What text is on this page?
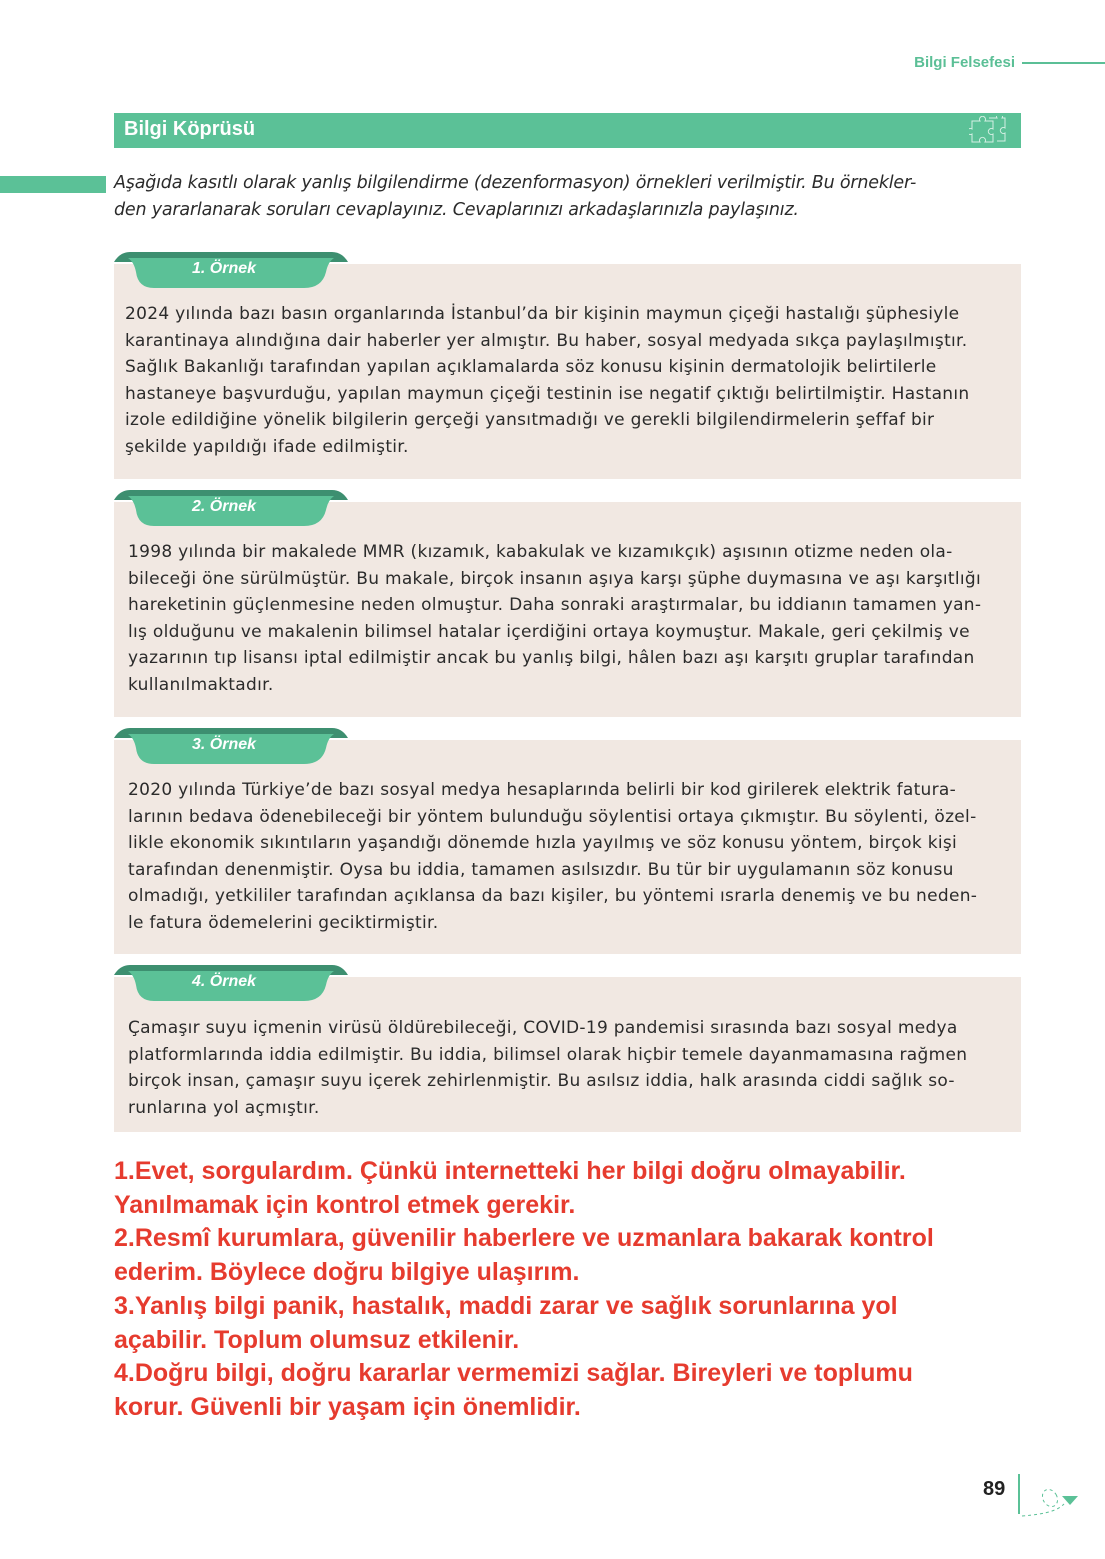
Bilgi Felsefesi
Bilgi Köprüsü
Aşağıda kasıtlı olarak yanlış bilgilendirme (dezenformasyon) örnekleri verilmiştir. Bu örnekler-
den yararlanarak soruları cevaplayınız. Cevaplarınızı arkadaşlarınızla paylaşınız.
1. Örnek
2024 yılında bazı basın organlarında İstanbul’da bir kişinin maymun çiçeği hastalığı şüphesiyle
karantinaya alındığına dair haberler yer almıştır. Bu haber, sosyal medyada sıkça paylaşılmıştır.
Sağlık Bakanlığı tarafından yapılan açıklamalarda söz konusu kişinin dermatolojik belirtilerle
hastaneye başvurduğu, yapılan maymun çiçeği testinin ise negatif çıktığı belirtilmiştir. Hastanın
izole edildiğine yönelik bilgilerin gerçeği yansıtmadığı ve gerekli bilgilendirmelerin şeffaf bir
şekilde yapıldığı ifade edilmiştir.
2. Örnek
1998 yılında bir makalede MMR (kızamık, kabakulak ve kızamıkçık) aşısının otizme neden ola-
bileceği öne sürülmüştür. Bu makale, birçok insanın aşıya karşı şüphe duymasına ve aşı karşıtlığı
hareketinin güçlenmesine neden olmuştur. Daha sonraki araştırmalar, bu iddianın tamamen yan-
lış olduğunu ve makalenin bilimsel hatalar içerdiğini ortaya koymuştur. Makale, geri çekilmiş ve
yazarının tıp lisansı iptal edilmiştir ancak bu yanlış bilgi, hâlen bazı aşı karşıtı gruplar tarafından
kullanılmaktadır.
3. Örnek
2020 yılında Türkiye’de bazı sosyal medya hesaplarında belirli bir kod girilerek elektrik fatura-
larının bedava ödenebileceği bir yöntem bulunduğu söylentisi ortaya çıkmıştır. Bu söylenti, özel-
likle ekonomik sıkıntıların yaşandığı dönemde hızla yayılmış ve söz konusu yöntem, birçok kişi
tarafından denenmiştir. Oysa bu iddia, tamamen asılsızdır. Bu tür bir uygulamanın söz konusu
olmadığı, yetkililer tarafından açıklansa da bazı kişiler, bu yöntemi ısrarla denemiş ve bu neden-
le fatura ödemelerini geciktirmiştir.
4. Örnek
Çamaşır suyu içmenin virüsü öldürebileceği, COVID-19 pandemisi sırasında bazı sosyal medya
platformlarında iddia edilmiştir. Bu iddia, bilimsel olarak hiçbir temele dayanmamasına rağmen
birçok insan, çamaşır suyu içerek zehirlenmiştir. Bu asılsız iddia, halk arasında ciddi sağlık so-
runlarına yol açmıştır.
1.Evet, sorgulardım. Çünkü internetteki her bilgi doğru olmayabilir.
Yanılmamak için kontrol etmek gerekir.
2.Resmî kurumlara, güvenilir haberlere ve uzmanlara bakarak kontrol
ederim. Böylece doğru bilgiye ulaşırım.
3.Yanlış bilgi panik, hastalık, maddi zarar ve sağlık sorunlarına yol
açabilir. Toplum olumsuz etkilenir.
4.Doğru bilgi, doğru kararlar vermemizi sağlar. Bireyleri ve toplumu
korur. Güvenli bir yaşam için önemlidir.
89
